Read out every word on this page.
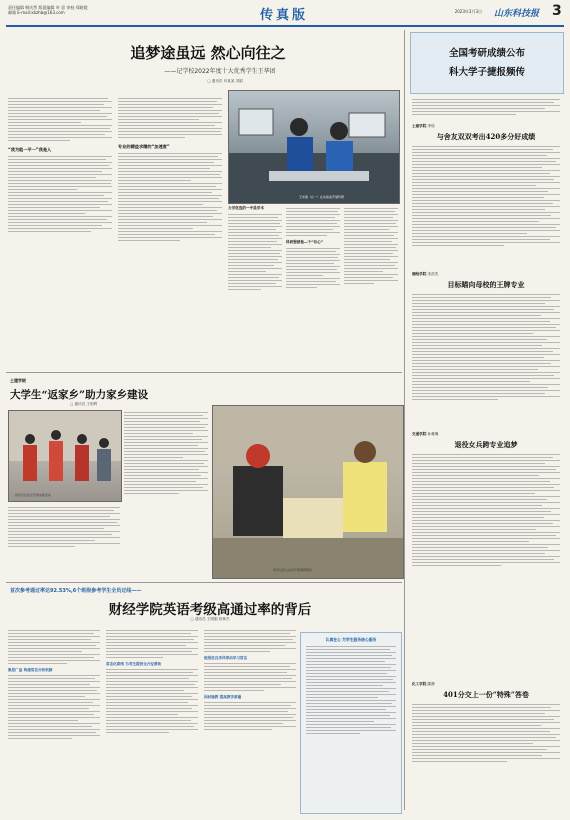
责任编辑 韩庆然 版面编辑 叶 思 审校 郑晓霞
邮箱 E-mail:xbzhb@163.com	传真版	2023年3月3日 山东科技报 3
追梦途虽远 然心向往之
——记学校2022年度十大优秀学生王华团
▢ 通讯员 肖某某 刘娟
“我为能一平一”我是人
专业的精益求精的“加速度”
王华团（右一）在实验室开展科研
力学优选的一半是学术
科研想被他—个“有心”
土建学院
大学生“返家乡”助力家乡建设
▢ 通讯员 王明利
同学们在社区开展实践活动
同学们深入乡村开展调研服务
首次参考通过率达92.53%,6个班级参考学生全员过线——
财经学院英语考级高通过率的背后
▢ 通讯员 王明娟 郭林杰
集思广益 构建常态分析机制
常态化联络 为考生提供全方位帮助
班级优良学风带动学习常态
因材施教 提高教学质量
认真在心 为学生服务核心服务
全国考研成绩公布
科大学子捷报频传
土建学院 李欣
与舍友双双考出420多分好成绩
测绘学院 宋浩杰
目标瞄向母校的王牌专业
交通学院 孙雅琳
退役女兵跨专业追梦
化工学院 滕静
401分交上一份“特殊”答卷
